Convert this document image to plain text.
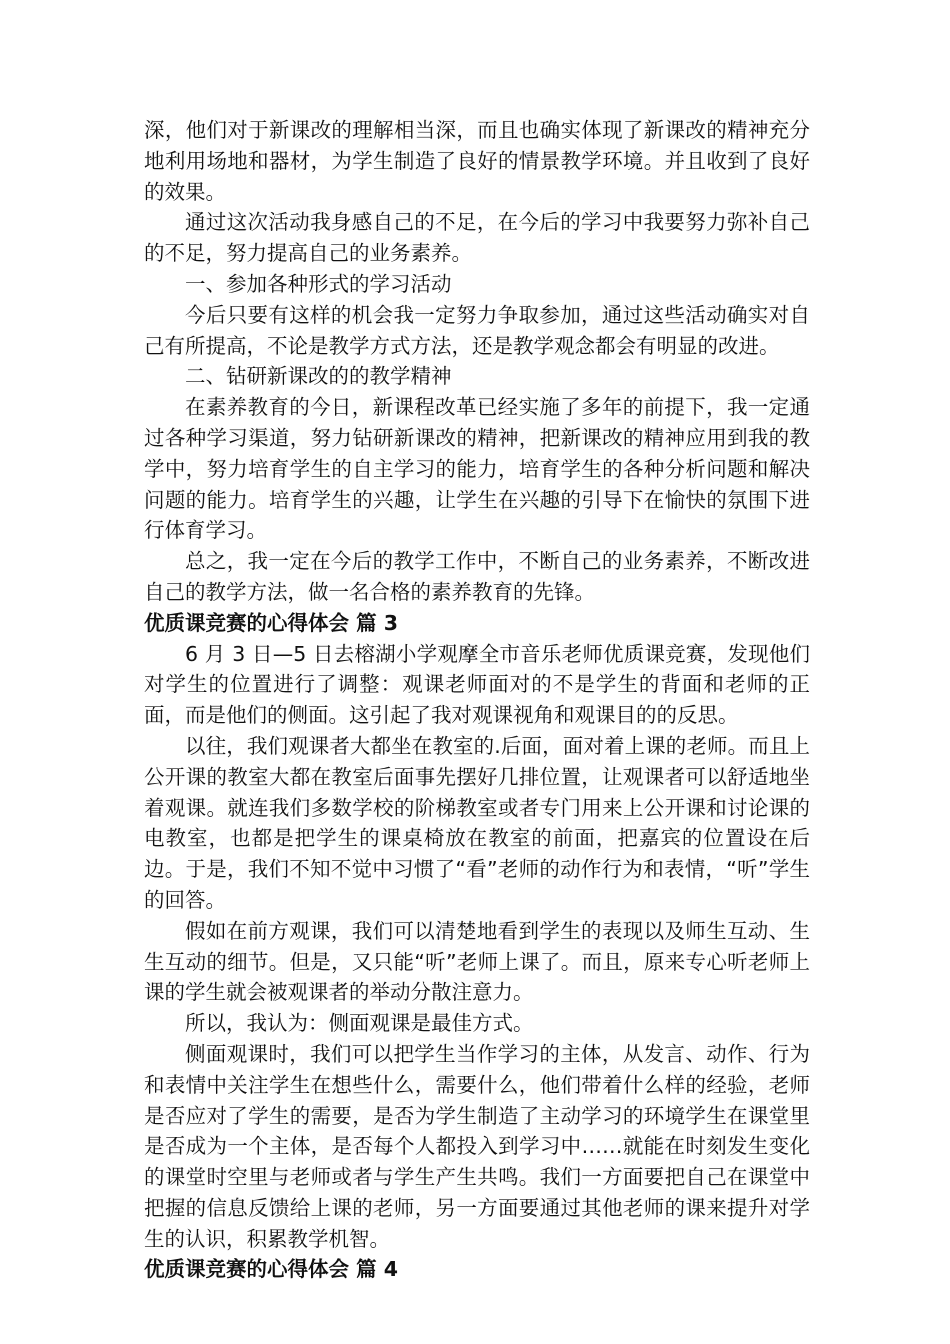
深，他们对于新课改的理解相当深，而且也确实体现了新课改的精神充分地利用场地和器材，为学生制造了良好的情景教学环境。并且收到了良好的效果。

通过这次活动我身感自己的不足，在今后的学习中我要努力弥补自己的不足，努力提高自己的业务素养。

一、参加各种形式的学习活动

今后只要有这样的机会我一定努力争取参加，通过这些活动确实对自己有所提高，不论是教学方式方法，还是教学观念都会有明显的改进。

二、钻研新课改的的教学精神

在素养教育的今日，新课程改革已经实施了多年的前提下，我一定通过各种学习渠道，努力钻研新课改的精神，把新课改的精神应用到我的教学中，努力培育学生的自主学习的能力，培育学生的各种分析问题和解决问题的能力。培育学生的兴趣，让学生在兴趣的引导下在愉快的氛围下进行体育学习。

总之，我一定在今后的教学工作中，不断自己的业务素养，不断改进自己的教学方法，做一名合格的素养教育的先锋。

优质课竞赛的心得体会 篇 3

6 月 3 日—5 日去榕湖小学观摩全市音乐老师优质课竞赛，发现他们对学生的位置进行了调整：观课老师面对的不是学生的背面和老师的正面，而是他们的侧面。这引起了我对观课视角和观课目的的反思。

以往，我们观课者大都坐在教室的.后面，面对着上课的老师。而且上公开课的教室大都在教室后面事先摆好几排位置，让观课者可以舒适地坐着观课。就连我们多数学校的阶梯教室或者专门用来上公开课和讨论课的电教室，也都是把学生的课桌椅放在教室的前面，把嘉宾的位置设在后边。于是，我们不知不觉中习惯了“看”老师的动作行为和表情，“听”学生的回答。

假如在前方观课，我们可以清楚地看到学生的表现以及师生互动、生生互动的细节。但是，又只能“听”老师上课了。而且，原来专心听老师上课的学生就会被观课者的举动分散注意力。

所以，我认为：侧面观课是最佳方式。

侧面观课时，我们可以把学生当作学习的主体，从发言、动作、行为和表情中关注学生在想些什么，需要什么，他们带着什么样的经验，老师是否应对了学生的需要，是否为学生制造了主动学习的环境学生在课堂里是否成为一个主体，是否每个人都投入到学习中……就能在时刻发生变化的课堂时空里与老师或者与学生产生共鸣。我们一方面要把自己在课堂中把握的信息反馈给上课的老师，另一方面要通过其他老师的课来提升对学生的认识，积累教学机智。

优质课竞赛的心得体会 篇 4
